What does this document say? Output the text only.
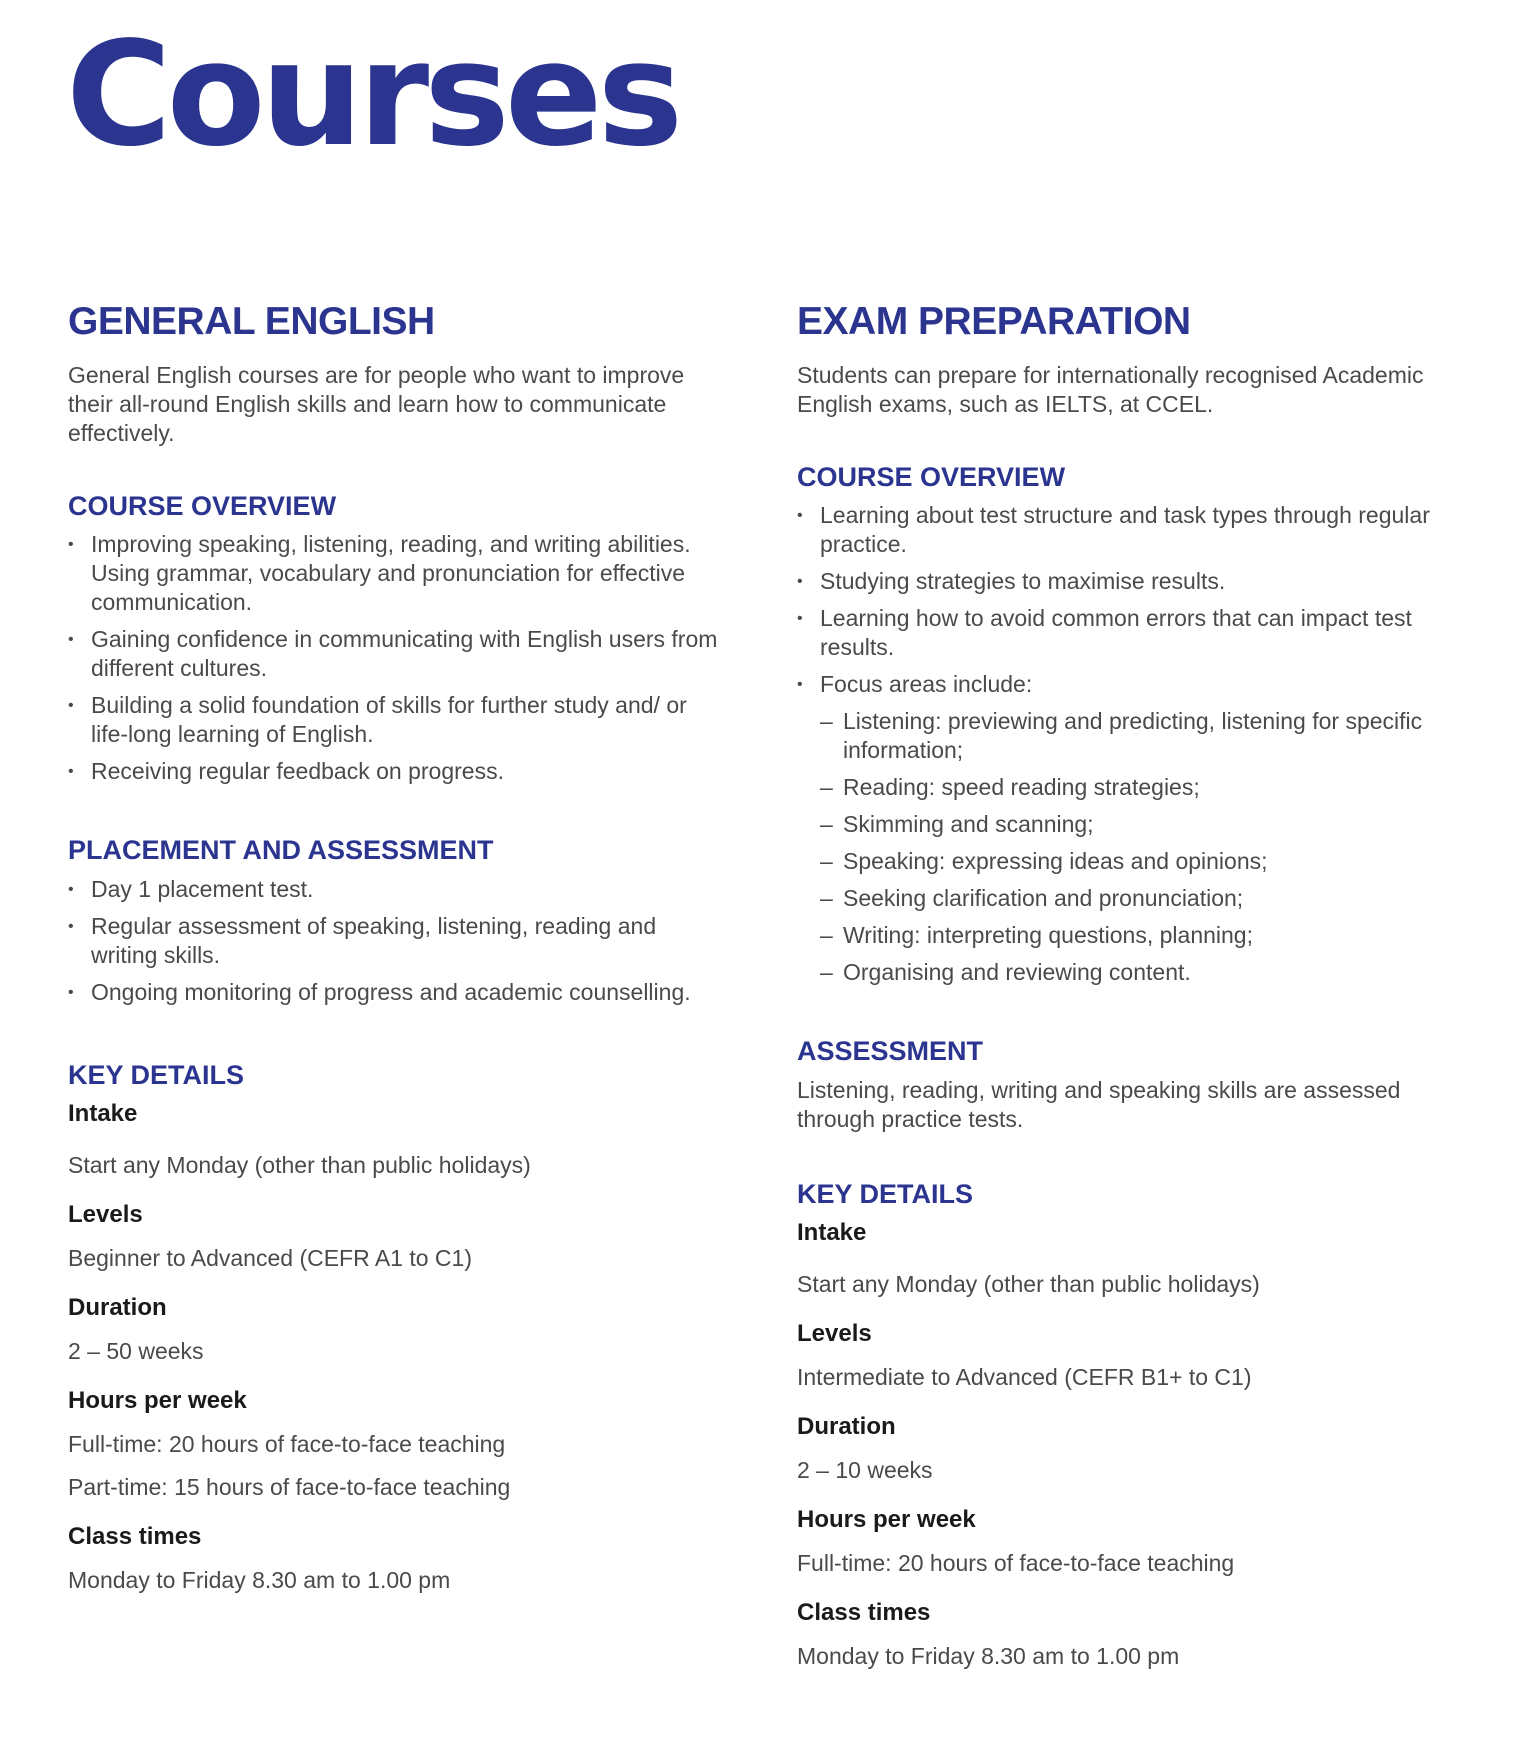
Courses
GENERAL ENGLISH

General English courses are for people who want to improve their all-round English skills and learn how to communicate effectively.

COURSE OVERVIEW
• Improving speaking, listening, reading, and writing abilities. Using grammar, vocabulary and pronunciation for effective communication.
• Gaining confidence in communicating with English users from different cultures.
• Building a solid foundation of skills for further study and/ or life-long learning of English.
• Receiving regular feedback on progress.
PLACEMENT AND ASSESSMENT
• Day 1 placement test.
• Regular assessment of speaking, listening, reading and writing skills.
• Ongoing monitoring of progress and academic counselling.
KEY DETAILS
Intake
Start any Monday (other than public holidays)
Levels
Beginner to Advanced (CEFR A1 to C1)
Duration
2 – 50 weeks
Hours per week
Full-time: 20 hours of face-to-face teaching
Part-time: 15 hours of face-to-face teaching
Class times
Monday to Friday 8.30 am to 1.00 pm
EXAM PREPARATION

Students can prepare for internationally recognised Academic English exams, such as IELTS, at CCEL.

COURSE OVERVIEW
• Learning about test structure and task types through regular practice.
• Studying strategies to maximise results.
• Learning how to avoid common errors that can impact test results.
• Focus areas include:
– Listening: previewing and predicting, listening for specific information;
– Reading: speed reading strategies;
– Skimming and scanning;
– Speaking: expressing ideas and opinions;
– Seeking clarification and pronunciation;
– Writing: interpreting questions, planning;
– Organising and reviewing content.
ASSESSMENT

Listening, reading, writing and speaking skills are assessed through practice tests.

KEY DETAILS
Intake
Start any Monday (other than public holidays)
Levels
Intermediate to Advanced (CEFR B1+ to C1)
Duration
2 – 10 weeks
Hours per week
Full-time: 20 hours of face-to-face teaching
Class times
Monday to Friday 8.30 am to 1.00 pm
